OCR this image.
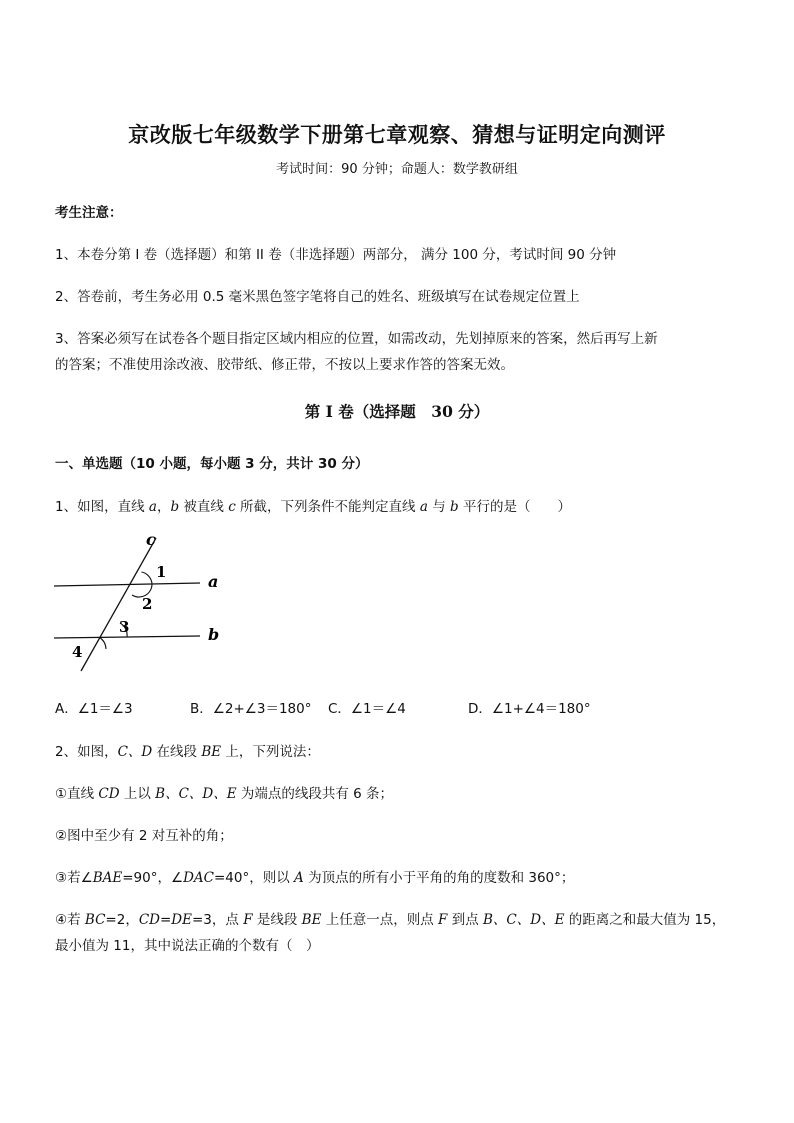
京改版七年级数学下册第七章观察、猜想与证明定向测评
考试时间：90 分钟；命题人：数学教研组
考生注意：
1、本卷分第 I 卷（选择题）和第 II 卷（非选择题）两部分， 满分 100 分，考试时间 90 分钟
2、答卷前，考生务必用 0.5 毫米黑色签字笔将自己的姓名、班级填写在试卷规定位置上
3、答案必须写在试卷各个题目指定区域内相应的位置，如需改动，先划掉原来的答案，然后再写上新
的答案；不准使用涂改液、胶带纸、修正带，不按以上要求作答的答案无效。
第 I 卷（选择题　30 分）
一、单选题（10 小题，每小题 3 分，共计 30 分）
1、如图，直线 a，b 被直线 c 所截，下列条件不能判定直线 a 与 b 平行的是（　　）
c
a
b
1
2
3
4
A．∠1＝∠3	B．∠2+∠3＝180° C．∠1＝∠4	D．∠1+∠4＝180°
2、如图，C、D 在线段 BE 上，下列说法：
①直线 CD 上以 B、C、D、E 为端点的线段共有 6 条；
②图中至少有 2 对互补的角；
③若∠BAE=90°，∠DAC=40°，则以 A 为顶点的所有小于平角的角的度数和 360°；
④若 BC=2，CD=DE=3，点 F 是线段 BE 上任意一点，则点 F 到点 B、C、D、E 的距离之和最大值为 15，
最小值为 11，其中说法正确的个数有（　）
